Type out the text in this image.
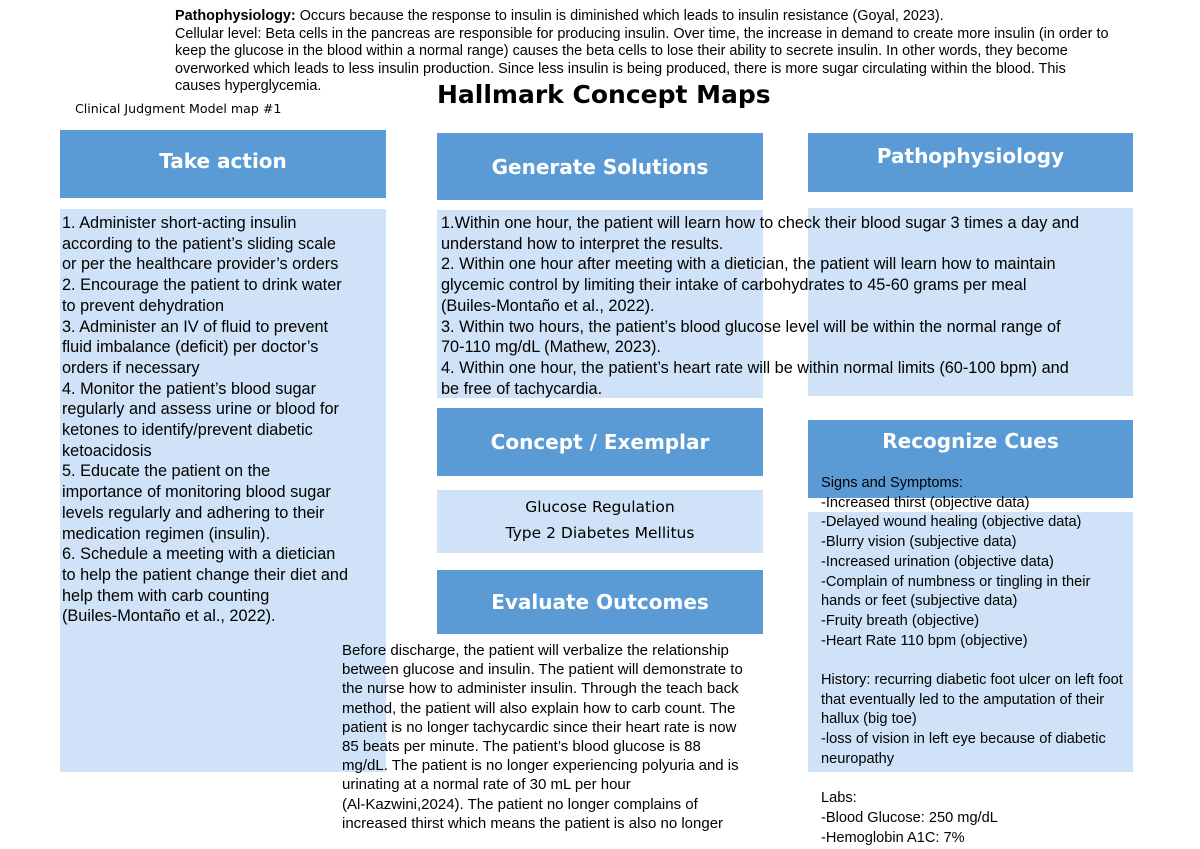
Pathophysiology: Occurs because the response to insulin is diminished which leads to insulin resistance (Goyal, 2023).
Cellular level: Beta cells in the pancreas are responsible for producing insulin. Over time, the increase in demand to create more insulin (in order to
keep the glucose in the blood within a normal range) causes the beta cells to lose their ability to secrete insulin. In other words, they become
overworked which leads to less insulin production. Since less insulin is being produced, there is more sugar circulating within the blood. This
causes hyperglycemia.	Hallmark Concept Maps
Clinical Judgment Model map #1
Take action	Generate Solutions	Pathophysiology
Concept / Exemplar	Recognize Cues
Evaluate Outcomes
1. Administer short-acting insulin
according to the patient’s sliding scale
or per the healthcare provider’s orders
2. Encourage the patient to drink water
to prevent dehydration
3. Administer an IV of fluid to prevent
fluid imbalance (deficit) per doctor’s
orders if necessary
4. Monitor the patient’s blood sugar
regularly and assess urine or blood for
ketones to identify/prevent diabetic
ketoacidosis
5. Educate the patient on the
importance of monitoring blood sugar
levels regularly and adhering to their
medication regimen (insulin).
6. Schedule a meeting with a dietician
to help the patient change their diet and
help them with carb counting
(Builes-Montaño et al., 2022).
1.Within one hour, the patient will learn how to check their blood sugar 3 times a day and
understand how to interpret the results.
2. Within one hour after meeting with a dietician, the patient will learn how to maintain
glycemic control by limiting their intake of carbohydrates to 45-60 grams per meal
(Builes-Montaño et al., 2022).
3. Within two hours, the patient’s blood glucose level will be within the normal range of
70-110 mg/dL (Mathew, 2023).
4. Within one hour, the patient’s heart rate will be within normal limits (60-100 bpm) and
be free of tachycardia.
Glucose Regulation
Type 2 Diabetes Mellitus
Before discharge, the patient will verbalize the relationship
between glucose and insulin. The patient will demonstrate to
the nurse how to administer insulin. Through the teach back
method, the patient will also explain how to carb count. The
patient is no longer tachycardic since their heart rate is now
85 beats per minute. The patient’s blood glucose is 88
mg/dL. The patient is no longer experiencing polyuria and is
urinating at a normal rate of 30 mL per hour
(Al-Kazwini,2024). The patient no longer complains of
increased thirst which means the patient is also no longer
Signs and Symptoms:
-Increased thirst (objective data)
-Delayed wound healing (objective data)
-Blurry vision (subjective data)
-Increased urination (objective data)
-Complain of numbness or tingling in their
hands or feet (subjective data)
-Fruity breath (objective)
-Heart Rate 110 bpm (objective)
History: recurring diabetic foot ulcer on left foot
that eventually led to the amputation of their
hallux (big toe)
-loss of vision in left eye because of diabetic
neuropathy
Labs:
-Blood Glucose: 250 mg/dL
-Hemoglobin A1C: 7%
